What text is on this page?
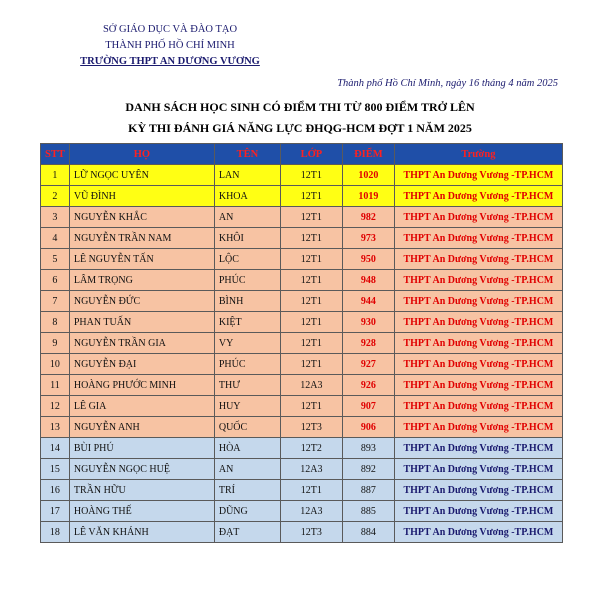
SỞ GIÁO DỤC VÀ ĐÀO TẠO
THÀNH PHỐ HỒ CHÍ MINH
TRƯỜNG THPT AN DƯƠNG VƯƠNG
Thành phố Hồ Chí Minh, ngày 16 tháng 4 năm 2025
DANH SÁCH HỌC SINH CÓ ĐIỂM THI TỪ 800 ĐIỂM TRỞ LÊN
KỲ THI ĐÁNH GIÁ NĂNG LỰC ĐHQG-HCM ĐỢT 1 NĂM 2025
STT	HỌ	TÊN	LỚP	ĐIỂM	Trường
1	LỮ NGỌC UYÊN	LAN	12T1	1020	THPT An Dương Vương -TP.HCM
2	VŨ ĐÌNH	KHOA	12T1	1019	THPT An Dương Vương -TP.HCM
3	NGUYỄN KHẮC	AN	12T1	982	THPT An Dương Vương -TP.HCM
4	NGUYỄN TRẦN NAM	KHÔI	12T1	973	THPT An Dương Vương -TP.HCM
5	LÊ NGUYỄN TẤN	LỘC	12T1	950	THPT An Dương Vương -TP.HCM
6	LÂM TRỌNG	PHÚC	12T1	948	THPT An Dương Vương -TP.HCM
7	NGUYỄN ĐỨC	BÌNH	12T1	944	THPT An Dương Vương -TP.HCM
8	PHAN TUẤN	KIỆT	12T1	930	THPT An Dương Vương -TP.HCM
9	NGUYỄN TRẦN GIA	VY	12T1	928	THPT An Dương Vương -TP.HCM
10	NGUYỄN ĐẠI	PHÚC	12T1	927	THPT An Dương Vương -TP.HCM
11	HOÀNG PHƯỚC MINH	THƯ	12A3	926	THPT An Dương Vương -TP.HCM
12	LÊ GIA	HUY	12T1	907	THPT An Dương Vương -TP.HCM
13	NGUYỄN ANH	QUỐC	12T3	906	THPT An Dương Vương -TP.HCM
14	BÙI PHÚ	HÒA	12T2	893	THPT An Dương Vương -TP.HCM
15	NGUYỄN NGỌC HUỆ	AN	12A3	892	THPT An Dương Vương -TP.HCM
16	TRẦN HỮU	TRÍ	12T1	887	THPT An Dương Vương -TP.HCM
17	HOÀNG THẾ	DŨNG	12A3	885	THPT An Dương Vương -TP.HCM
18	LÊ VĂN KHÁNH	ĐẠT	12T3	884	THPT An Dương Vương -TP.HCM
